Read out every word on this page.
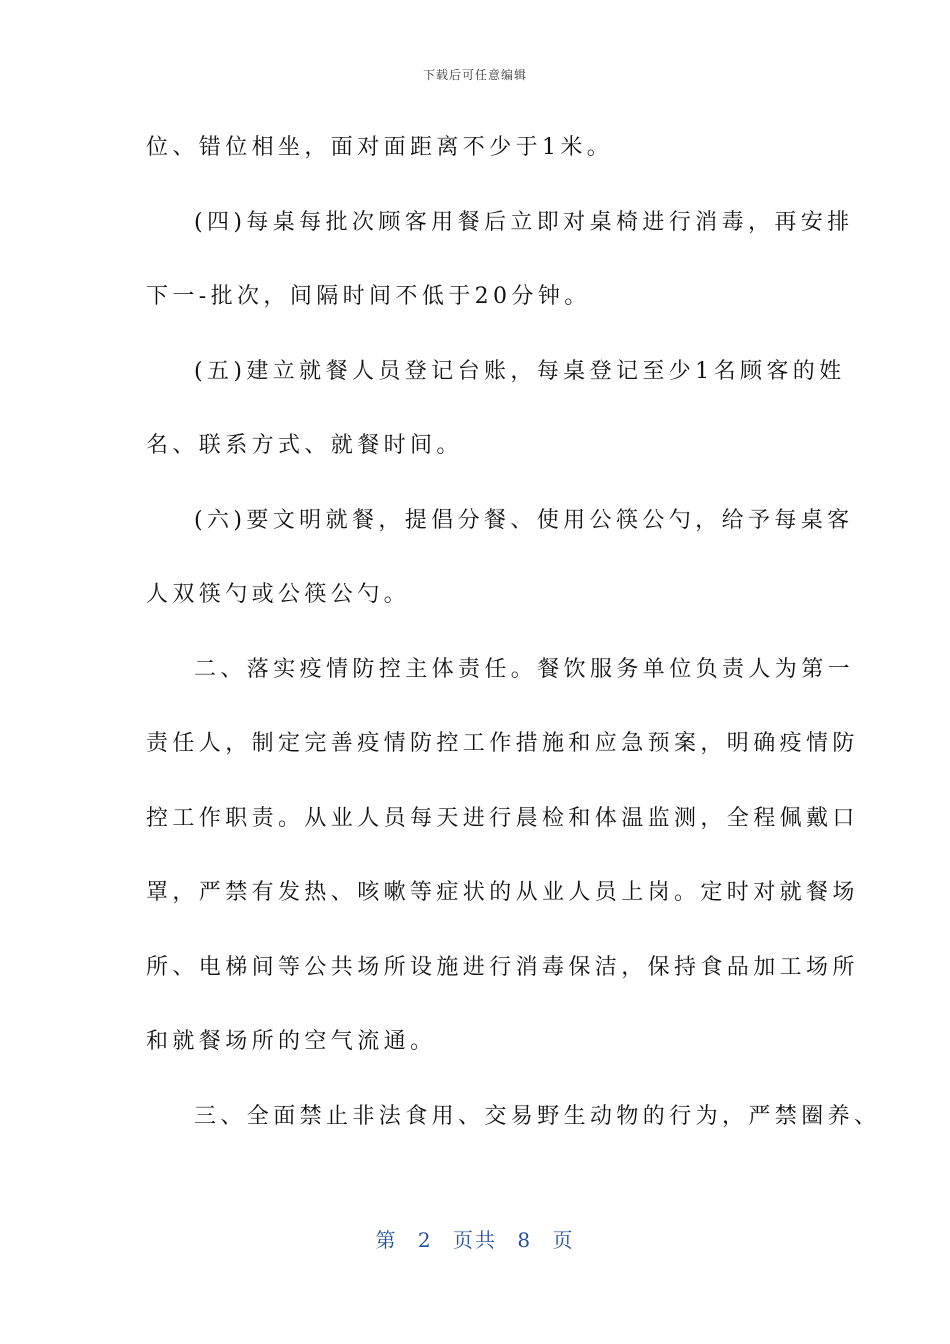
下载后可任意编辑
位、错位相坐，面对面距离不少于1米。
(四)每桌每批次顾客用餐后立即对桌椅进行消毒，再安排
下一-批次，间隔时间不低于20分钟。
(五)建立就餐人员登记台账，每桌登记至少1名顾客的姓
名、联系方式、就餐时间。
(六)要文明就餐，提倡分餐、使用公筷公勺，给予每桌客
人双筷勺或公筷公勺。
二、落实疫情防控主体责任。餐饮服务单位负责人为第一
责任人，制定完善疫情防控工作措施和应急预案，明确疫情防
控工作职责。从业人员每天进行晨检和体温监测，全程佩戴口
罩，严禁有发热、咳嗽等症状的从业人员上岗。定时对就餐场
所、电梯间等公共场所设施进行消毒保洁，保持食品加工场所
和就餐场所的空气流通。
三、全面禁止非法食用、交易野生动物的行为，严禁圈养、
第 2 页共 8 页
